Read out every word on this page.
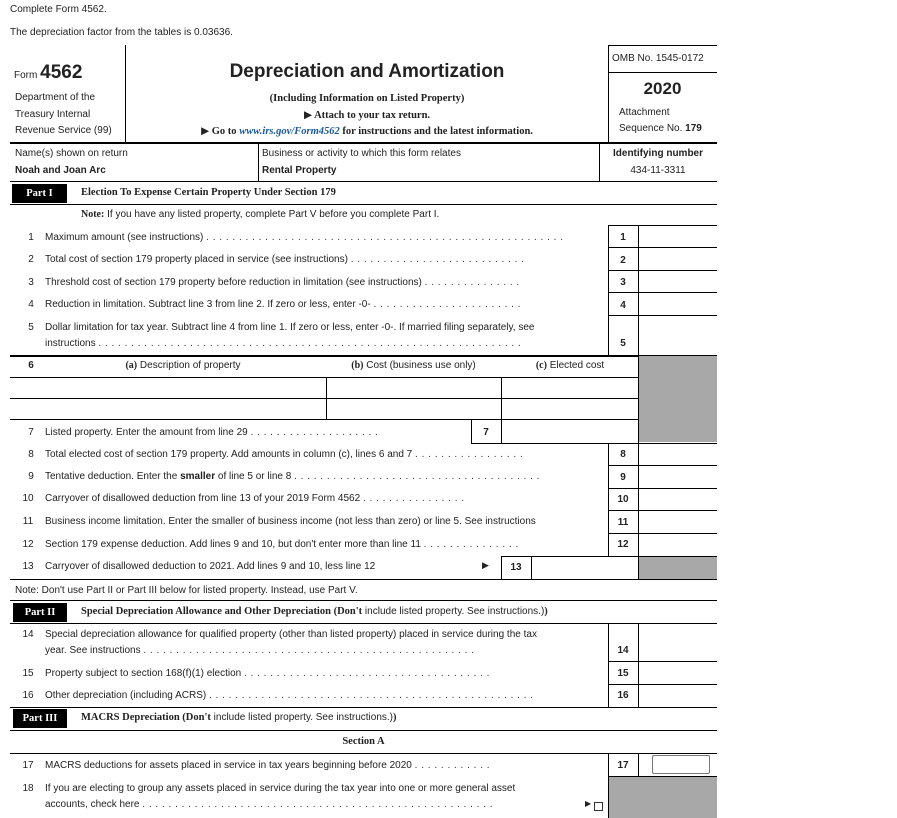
Complete Form 4562.
The depreciation factor from the tables is 0.03636.
Form 4562
Department of the
Treasury Internal
Revenue Service (99)
Depreciation and Amortization
(Including Information on Listed Property)
▶ Attach to your tax return.
▶ Go to www.irs.gov/Form4562 for instructions and the latest information.
OMB No. 1545-0172
2020
Attachment
Sequence No. 179
Name(s) shown on return
Noah and Joan Arc
Business or activity to which this form relates
Rental Property
Identifying number
434-11-3311
Part I	Election To Expense Certain Property Under Section 179
Note: If you have any listed property, complete Part V before you complete Part I.
1	Maximum amount (see instructions) . . . . . . . . . . . . . . . . . . . . . . . . . . . . . . . . . . . . . . . . . . . . . . . . . . . . . . .	1
2	Total cost of section 179 property placed in service (see instructions) . . . . . . . . . . . . . . . . . . . . . . . . . . .	2
3	Threshold cost of section 179 property before reduction in limitation (see instructions) . . . . . . . . . . . . . . .	3
4	Reduction in limitation. Subtract line 3 from line 2. If zero or less, enter -0- . . . . . . . . . . . . . . . . . . . . . . .	4
5	Dollar limitation for tax year. Subtract line 4 from line 1. If zero or less, enter -0-. If married filing separately, see
instructions . . . . . . . . . . . . . . . . . . . . . . . . . . . . . . . . . . . . . . . . . . . . . . . . . . . . . . . . . . . . . . . . .	5
6	(a) Description of property	(b) Cost (business use only)	(c) Elected cost
7	Listed property. Enter the amount from line 29 . . . . . . . . . . . . . . . . . . . .	7
8	Total elected cost of section 179 property. Add amounts in column (c), lines 6 and 7 . . . . . . . . . . . . . . . . .	8
9	Tentative deduction. Enter the smaller of line 5 or line 8 . . . . . . . . . . . . . . . . . . . . . . . . . . . . . . . . . . . . . .	9
10	Carryover of disallowed deduction from line 13 of your 2019 Form 4562 . . . . . . . . . . . . . . . .	10
11	Business income limitation. Enter the smaller of business income (not less than zero) or line 5. See instructions	11
12	Section 179 expense deduction. Add lines 9 and 10, but don't enter more than line 11 . . . . . . . . . . . . . . .	12
13	Carryover of disallowed deduction to 2021. Add lines 9 and 10, less line 12	▶	13
Note: Don't use Part II or Part III below for listed property. Instead, use Part V.
Part II	Special Depreciation Allowance and Other Depreciation (Don't include listed property. See instructions.))
14	Special depreciation allowance for qualified property (other than listed property) placed in service during the tax
year. See instructions . . . . . . . . . . . . . . . . . . . . . . . . . . . . . . . . . . . . . . . . . . . . . . . . . . .	14
15	Property subject to section 168(f)(1) election . . . . . . . . . . . . . . . . . . . . . . . . . . . . . . . . . . . . . .	15
16	Other depreciation (including ACRS) . . . . . . . . . . . . . . . . . . . . . . . . . . . . . . . . . . . . . . . . . . . . . . . . . .	16
Part III	MACRS Depreciation (Don't include listed property. See instructions.))
Section A
17	MACRS deductions for assets placed in service in tax years beginning before 2020 . . . . . . . . . . . .	17
18	If you are electing to group any assets placed in service during the tax year into one or more general asset
accounts, check here . . . . . . . . . . . . . . . . . . . . . . . . . . . . . . . . . . . . . . . . . . . . . . . . . . . . . .	▶
